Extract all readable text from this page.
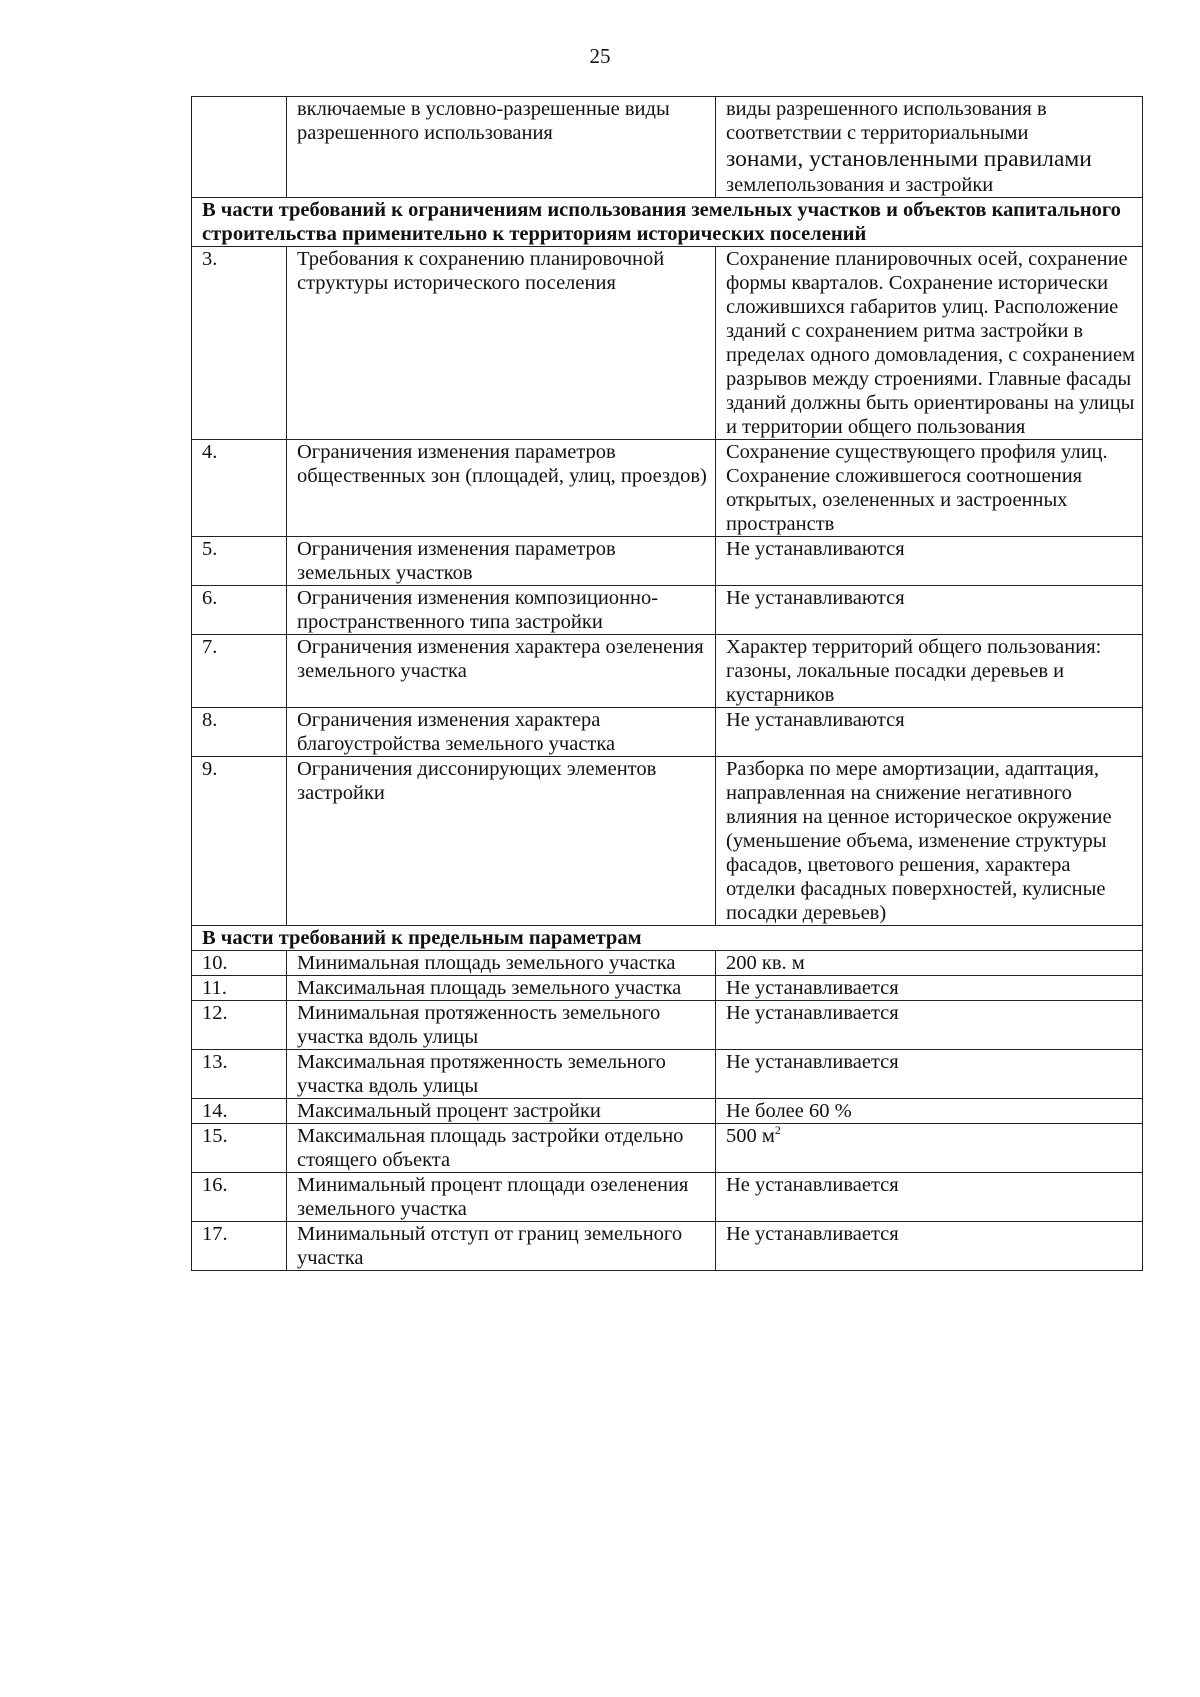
25
	включаемые в условно-разрешенные виды разрешенного использования	виды разрешенного использования в соответствии с территориальными
зонами, установленными правилами
землепользования и застройки
В части требований к ограничениям использования земельных участков и объектов капитального строительства применительно к территориям исторических поселений		
3.	Требования к сохранению планировочной структуры исторического поселения	Сохранение планировочных осей, сохранение формы кварталов. Сохранение исторически сложившихся габаритов улиц. Расположение зданий с сохранением ритма застройки в пределах одного домовладения, с сохранением разрывов между строениями. Главные фасады зданий должны быть ориентированы на улицы и территории общего пользования
4.	Ограничения изменения параметров общественных зон (площадей, улиц, проездов)	Сохранение существующего профиля улиц. Сохранение сложившегося соотношения открытых, озелененных и застроенных пространств
5.	Ограничения изменения параметров земельных участков	Не устанавливаются
6.	Ограничения изменения композиционно-пространственного типа застройки	Не устанавливаются
7.	Ограничения изменения характера озеленения земельного участка	Характер территорий общего пользования: газоны, локальные посадки деревьев и кустарников
8.	Ограничения изменения характера благоустройства земельного участка	Не устанавливаются
9.	Ограничения диссонирующих элементов застройки	Разборка по мере амортизации, адаптация, направленная на снижение негативного влияния на ценное историческое окружение (уменьшение объема, изменение структуры фасадов, цветового решения, характера отделки фасадных поверхностей, кулисные посадки деревьев)
В части требований к предельным параметрам		
10.	Минимальная площадь земельного участка	200 кв. м
11.	Максимальная площадь земельного участка	Не устанавливается
12.	Минимальная протяженность земельного участка вдоль улицы	Не устанавливается
13.	Максимальная протяженность земельного участка вдоль улицы	Не устанавливается
14.	Максимальный процент застройки	Не более 60 %
15.	Максимальная площадь застройки отдельно стоящего объекта	500 $м^2$
16.	Минимальный процент площади озеленения земельного участка	Не устанавливается
17.	Минимальный отступ от границ земельного участка	Не устанавливается
